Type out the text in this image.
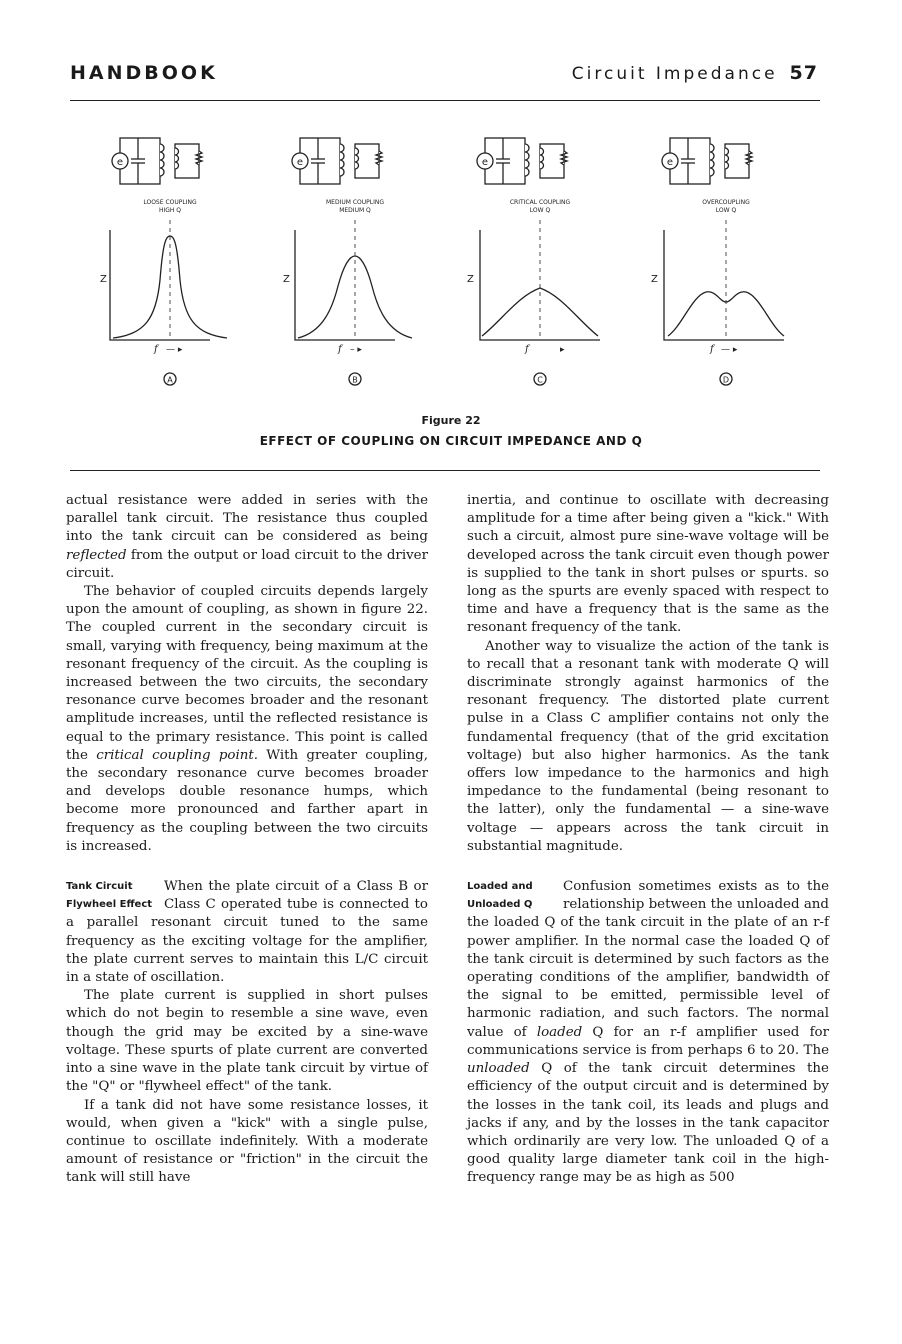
HANDBOOK	Circuit Impedance 57
e
LOOSE COUPLING
HIGH Q
Z
f — ▸
A
MEDIUM COUPLING
MEDIUM Q
Z
f – ▸
B
CRITICAL COUPLING
LOW Q
Z
f	▸
C
OVERCOUPLING
LOW Q
Z
f — ▸
D
Figure 22
EFFECT OF COUPLING ON CIRCUIT IMPEDANCE AND Q

actual resistance were added in series with the parallel tank circuit. The resistance thus coupled into the tank circuit can be considered as being reflected from the output or load circuit to the driver circuit.

The behavior of coupled circuits depends largely upon the amount of coupling, as shown in figure 22. The coupled current in the secondary circuit is small, varying with frequency, being maximum at the resonant frequency of the circuit. As the coupling is increased between the two circuits, the secondary resonance curve becomes broader and the resonant amplitude increases, until the reflected resistance is equal to the primary resistance. This point is called the critical coupling point. With greater coupling, the secondary resonance curve becomes broader and develops double resonance humps, which become more pronounced and farther apart in frequency as the coupling between the two circuits is increased.

Tank Circuit
Flywheel Effect
When the plate circuit of a Class B or Class C operated tube is connected to a parallel resonant circuit tuned to the same frequency as the exciting voltage for the amplifier, the plate current serves to maintain this L/C circuit in a state of oscillation.

The plate current is supplied in short pulses which do not begin to resemble a sine wave, even though the grid may be excited by a sine-wave voltage. These spurts of plate current are converted into a sine wave in the plate tank circuit by virtue of the "Q" or "flywheel effect" of the tank.

If a tank did not have some resistance losses, it would, when given a "kick" with a single pulse, continue to oscillate indefinitely. With a moderate amount of resistance or "friction" in the circuit the tank will still have

inertia, and continue to oscillate with decreasing amplitude for a time after being given a "kick." With such a circuit, almost pure sine-wave voltage will be developed across the tank circuit even though power is supplied to the tank in short pulses or spurts. so long as the spurts are evenly spaced with respect to time and have a frequency that is the same as the resonant frequency of the tank.

Another way to visualize the action of the tank is to recall that a resonant tank with moderate Q will discriminate strongly against harmonics of the resonant frequency. The distorted plate current pulse in a Class C amplifier contains not only the fundamental frequency (that of the grid excitation voltage) but also higher harmonics. As the tank offers low impedance to the harmonics and high impedance to the fundamental (being resonant to the latter), only the fundamental — a sine-wave voltage — appears across the tank circuit in substantial magnitude.

Loaded and
Unloaded Q
Confusion sometimes exists as to the relationship between the unloaded and the loaded Q of the tank circuit in the plate of an r-f power amplifier. In the normal case the loaded Q of the tank circuit is determined by such factors as the operating conditions of the amplifier, bandwidth of the signal to be emitted, permissible level of harmonic radiation, and such factors. The normal value of loaded Q for an r-f amplifier used for communications service is from perhaps 6 to 20. The unloaded Q of the tank circuit determines the efficiency of the output circuit and is determined by the losses in the tank coil, its leads and plugs and jacks if any, and by the losses in the tank capacitor which ordinarily are very low. The unloaded Q of a good quality large diameter tank coil in the high-frequency range may be as high as 500
